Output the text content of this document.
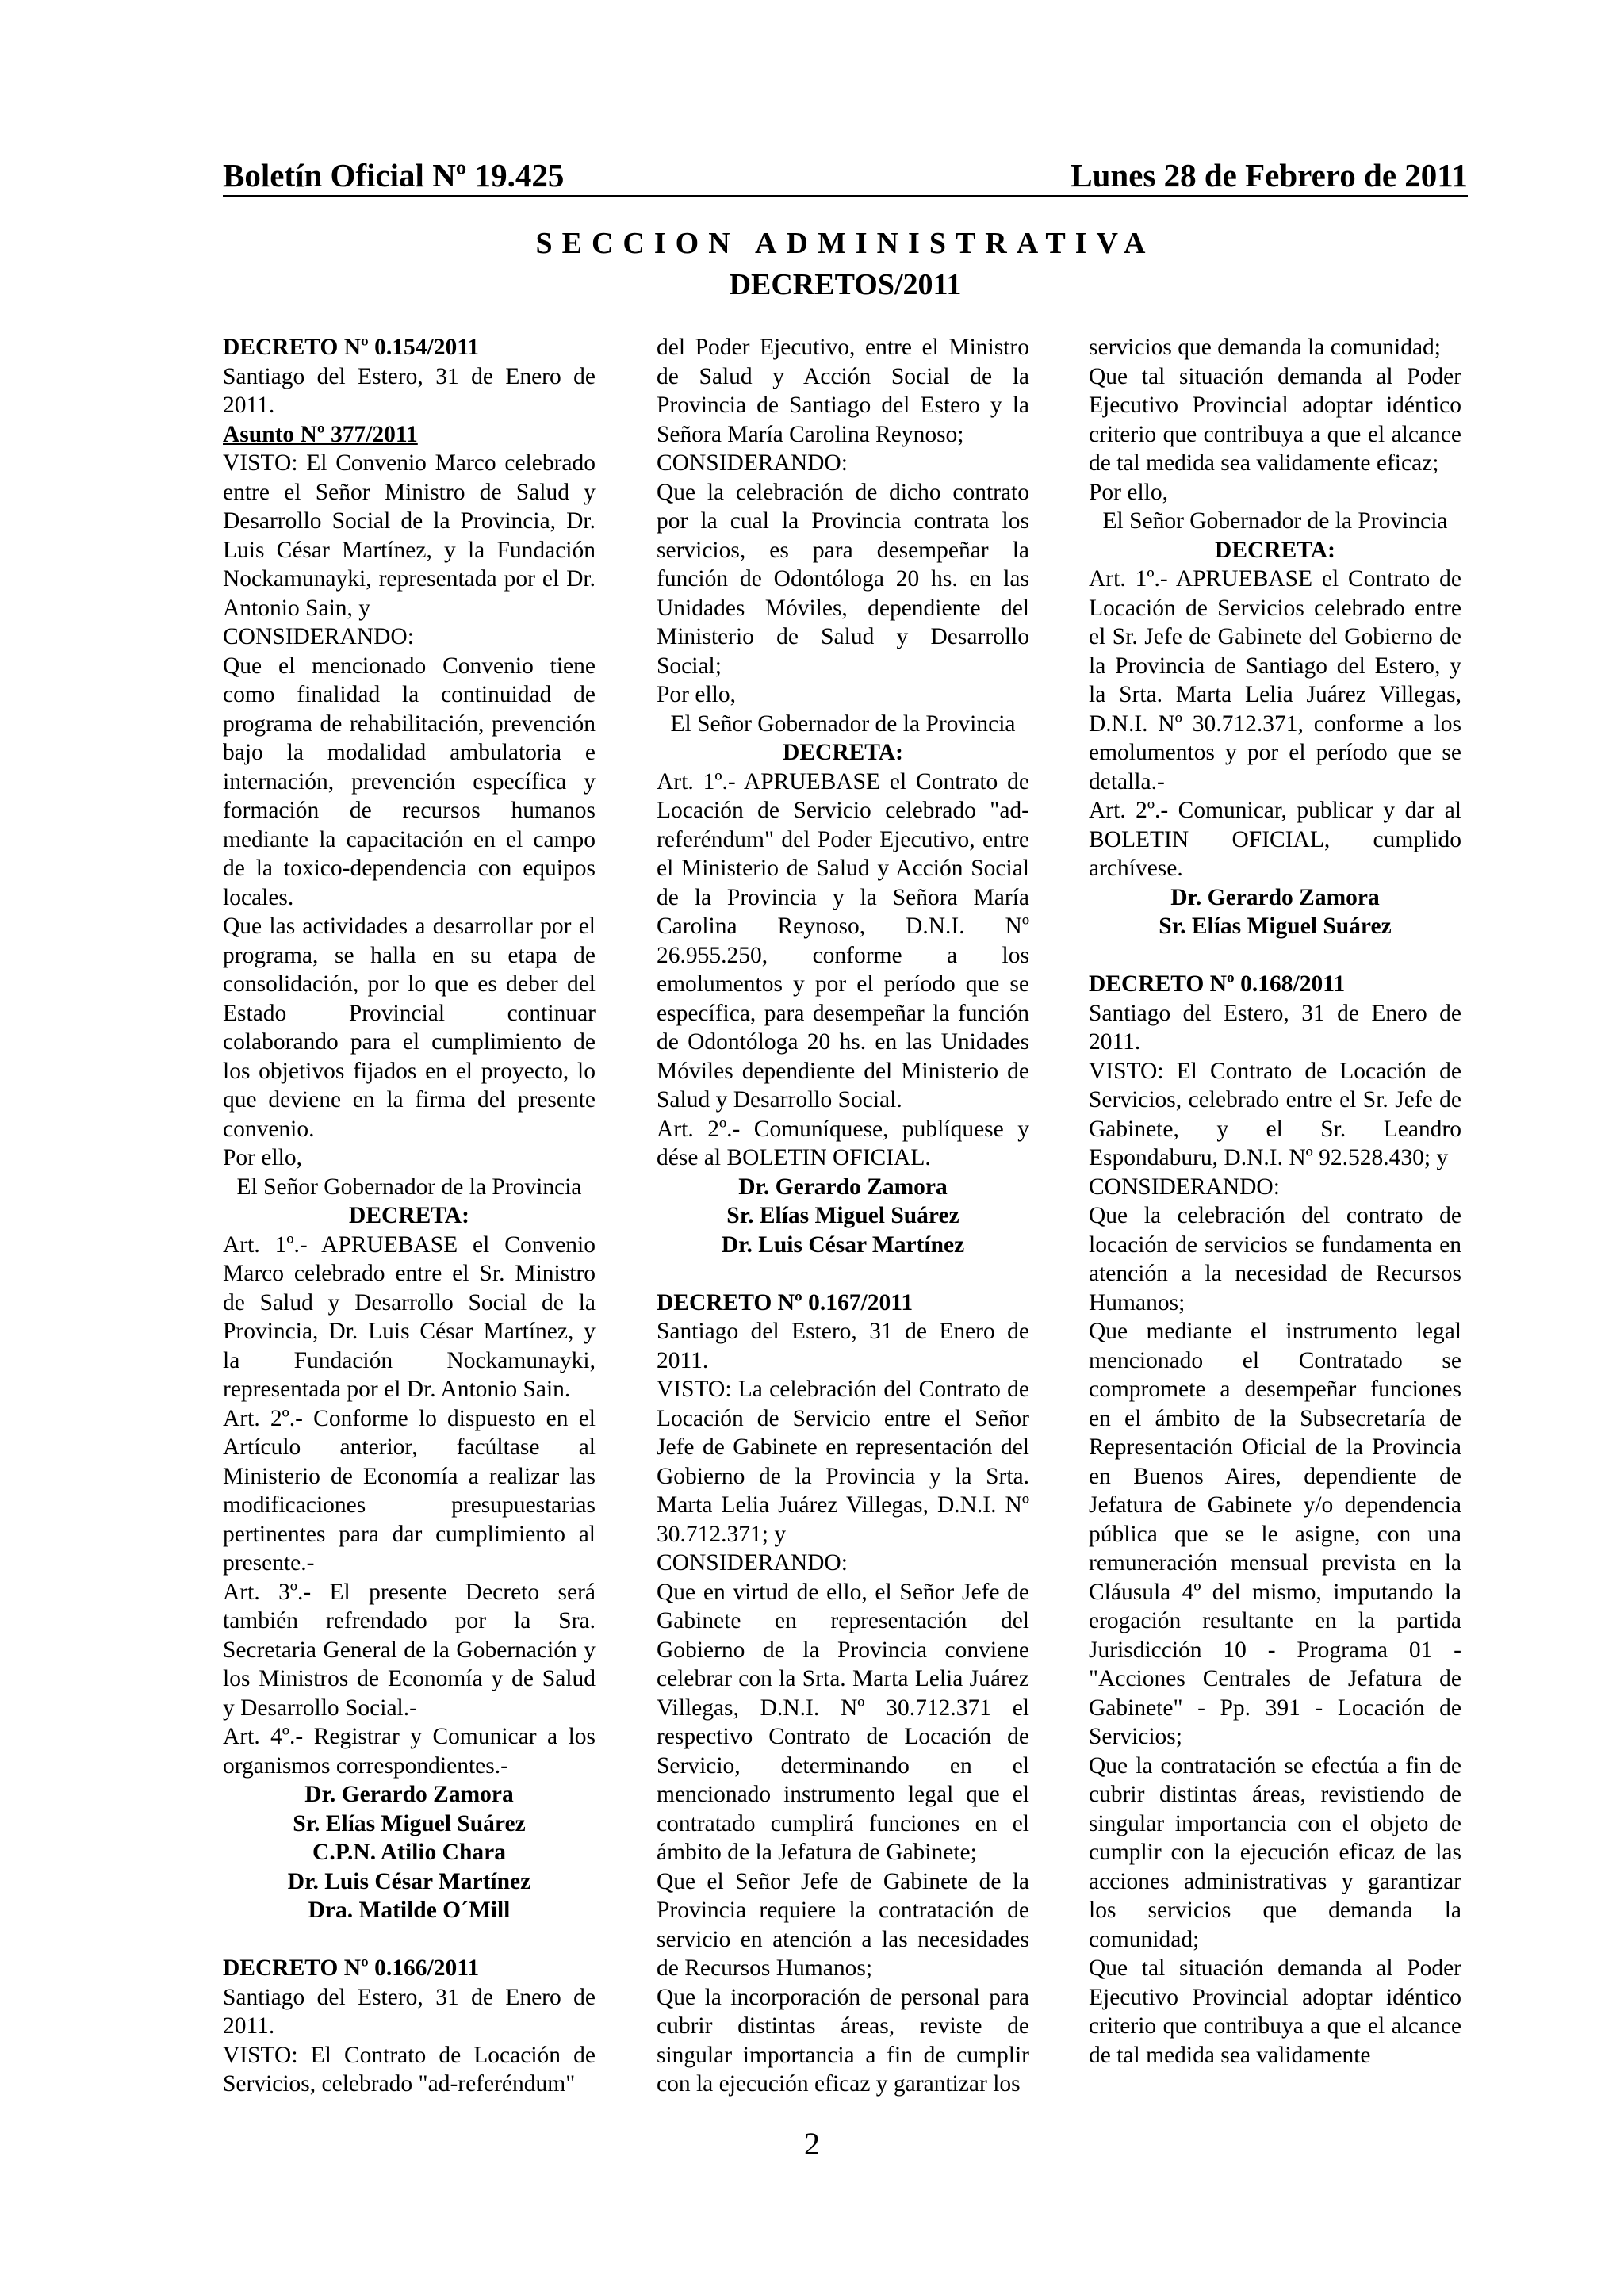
Boletín Oficial Nº 19.425	Lunes 28 de Febrero de 2011
SECCION ADMINISTRATIVA
DECRETOS/2011

DECRETO Nº 0.154/2011

Santiago del Estero, 31 de Enero de 2011.

Asunto Nº 377/2011

VISTO: El Convenio Marco celebrado entre el Señor Ministro de Salud y Desarrollo Social de la Provincia, Dr. Luis César Martínez, y la Fundación Nockamunayki, representada por el Dr. Antonio Sain, y

CONSIDERANDO:

Que el mencionado Convenio tiene como finalidad la continuidad de programa de rehabilitación, prevención bajo la modalidad ambulatoria e internación, prevención específica y formación de recursos humanos mediante la capacitación en el campo de la toxico-dependencia con equipos locales.

Que las actividades a desarrollar por el programa, se halla en su etapa de consolidación, por lo que es deber del Estado Provincial continuar colaborando para el cumplimiento de los objetivos fijados en el proyecto, lo que deviene en la firma del presente convenio.

Por ello,

El Señor Gobernador de la Provincia

DECRETA:

Art. 1º.- APRUEBASE el Convenio Marco celebrado entre el Sr. Ministro de Salud y Desarrollo Social de la Provincia, Dr. Luis César Martínez, y la Fundación Nockamunayki, representada por el Dr. Antonio Sain.

Art. 2º.- Conforme lo dispuesto en el Artículo anterior, facúltase al Ministerio de Economía a realizar las modificaciones presupuestarias pertinentes para dar cumplimiento al presente.-

Art. 3º.- El presente Decreto será también refrendado por la Sra. Secretaria General de la Gobernación y los Ministros de Economía y de Salud y Desarrollo Social.-

Art. 4º.- Registrar y Comunicar a los organismos correspondientes.-

Dr. Gerardo Zamora

Sr. Elías Miguel Suárez

C.P.N. Atilio Chara

Dr. Luis César Martínez

Dra. Matilde O´Mill

DECRETO Nº 0.166/2011

Santiago del Estero, 31 de Enero de 2011.

VISTO: El Contrato de Locación de Servicios, celebrado "ad-referéndum"

del Poder Ejecutivo, entre el Ministro de Salud y Acción Social de la Provincia de Santiago del Estero y la Señora María Carolina Reynoso;

CONSIDERANDO:

Que la celebración de dicho contrato por la cual la Provincia contrata los servicios, es para desempeñar la función de Odontóloga 20 hs. en las Unidades Móviles, dependiente del Ministerio de Salud y Desarrollo Social;

Por ello,

El Señor Gobernador de la Provincia

DECRETA:

Art. 1º.- APRUEBASE el Contrato de Locación de Servicio celebrado "ad-referéndum" del Poder Ejecutivo, entre el Ministerio de Salud y Acción Social de la Provincia y la Señora María Carolina Reynoso, D.N.I. Nº 26.955.250, conforme a los emolumentos y por el período que se específica, para desempeñar la función de Odontóloga 20 hs. en las Unidades Móviles dependiente del Ministerio de Salud y Desarrollo Social.

Art. 2º.- Comuníquese, publíquese y dése al BOLETIN OFICIAL.

Dr. Gerardo Zamora

Sr. Elías Miguel Suárez

Dr. Luis César Martínez

DECRETO Nº 0.167/2011

Santiago del Estero, 31 de Enero de 2011.

VISTO: La celebración del Contrato de Locación de Servicio entre el Señor Jefe de Gabinete en representación del Gobierno de la Provincia y la Srta. Marta Lelia Juárez Villegas, D.N.I. Nº 30.712.371; y

CONSIDERANDO:

Que en virtud de ello, el Señor Jefe de Gabinete en representación del Gobierno de la Provincia conviene celebrar con la Srta. Marta Lelia Juárez Villegas, D.N.I. Nº 30.712.371 el respectivo Contrato de Locación de Servicio, determinando en el mencionado instrumento legal que el contratado cumplirá funciones en el ámbito de la Jefatura de Gabinete;

Que el Señor Jefe de Gabinete de la Provincia requiere la contratación de servicio en atención a las necesidades de Recursos Humanos;

Que la incorporación de personal para cubrir distintas áreas, reviste de singular importancia a fin de cumplir con la ejecución eficaz y garantizar los

servicios que demanda la comunidad;

Que tal situación demanda al Poder Ejecutivo Provincial adoptar idéntico criterio que contribuya a que el alcance de tal medida sea validamente eficaz;

Por ello,

El Señor Gobernador de la Provincia

DECRETA:

Art. 1º.- APRUEBASE el Contrato de Locación de Servicios celebrado entre el Sr. Jefe de Gabinete del Gobierno de la Provincia de Santiago del Estero, y la Srta. Marta Lelia Juárez Villegas, D.N.I. Nº 30.712.371, conforme a los emolumentos y por el período que se detalla.-

Art. 2º.- Comunicar, publicar y dar al BOLETIN OFICIAL, cumplido archívese.

Dr. Gerardo Zamora

Sr. Elías Miguel Suárez

DECRETO Nº 0.168/2011

Santiago del Estero, 31 de Enero de 2011.

VISTO: El Contrato de Locación de Servicios, celebrado entre el Sr. Jefe de Gabinete, y el Sr. Leandro Espondaburu, D.N.I. Nº 92.528.430; y

CONSIDERANDO:

Que la celebración del contrato de locación de servicios se fundamenta en atención a la necesidad de Recursos Humanos;

Que mediante el instrumento legal mencionado el Contratado se compromete a desempeñar funciones en el ámbito de la Subsecretaría de Representación Oficial de la Provincia en Buenos Aires, dependiente de Jefatura de Gabinete y/o dependencia pública que se le asigne, con una remuneración mensual prevista en la Cláusula 4º del mismo, imputando la erogación resultante en la partida Jurisdicción 10 - Programa 01 - "Acciones Centrales de Jefatura de Gabinete" - Pp. 391 - Locación de Servicios;

Que la contratación se efectúa a fin de cubrir distintas áreas, revistiendo de singular importancia con el objeto de cumplir con la ejecución eficaz de las acciones administrativas y garantizar los servicios que demanda la comunidad;

Que tal situación demanda al Poder Ejecutivo Provincial adoptar idéntico criterio que contribuya a que el alcance de tal medida sea validamente

2
